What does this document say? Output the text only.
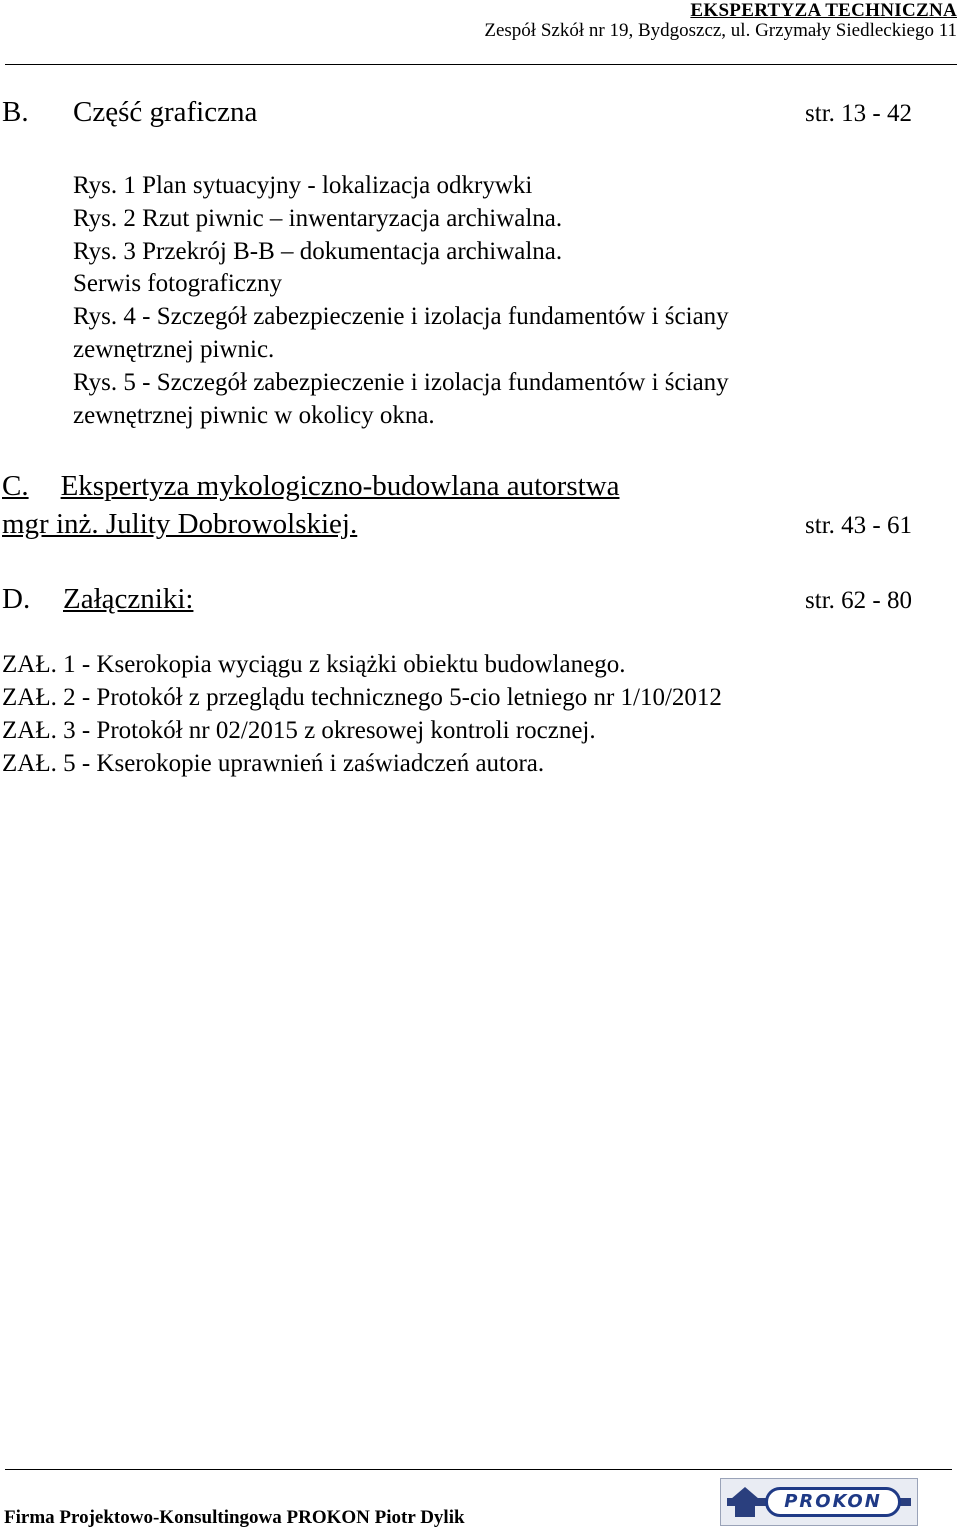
EKSPERTYZA TECHNICZNA
Zespół Szkół nr 19, Bydgoszcz, ul. Grzymały Siedleckiego 11
B. Część graficzna	str. 13 - 42
Rys. 1 Plan sytuacyjny - lokalizacja odkrywki
Rys. 2 Rzut piwnic – inwentaryzacja archiwalna.
Rys. 3 Przekrój B-B – dokumentacja archiwalna.
Serwis fotograficzny
Rys. 4 - Szczegół zabezpieczenie i izolacja fundamentów i ściany
zewnętrznej piwnic.
Rys. 5 - Szczegół zabezpieczenie i izolacja fundamentów i ściany
zewnętrznej piwnic w okolicy okna.
C. Ekspertyza mykologiczno-budowlana autorstwa
mgr inż. Julity Dobrowolskiej.	str. 43 - 61
D. Załączniki:	str. 62 - 80
ZAŁ. 1 - Kserokopia wyciągu z książki obiektu budowlanego.
ZAŁ. 2 - Protokół z przeglądu technicznego 5-cio letniego nr 1/10/2012
ZAŁ. 3 - Protokół nr 02/2015 z okresowej kontroli rocznej.
ZAŁ. 5 - Kserokopie uprawnień i zaświadczeń autora.
Firma Projektowo-Konsultingowa PROKON Piotr Dylik
PROKON
